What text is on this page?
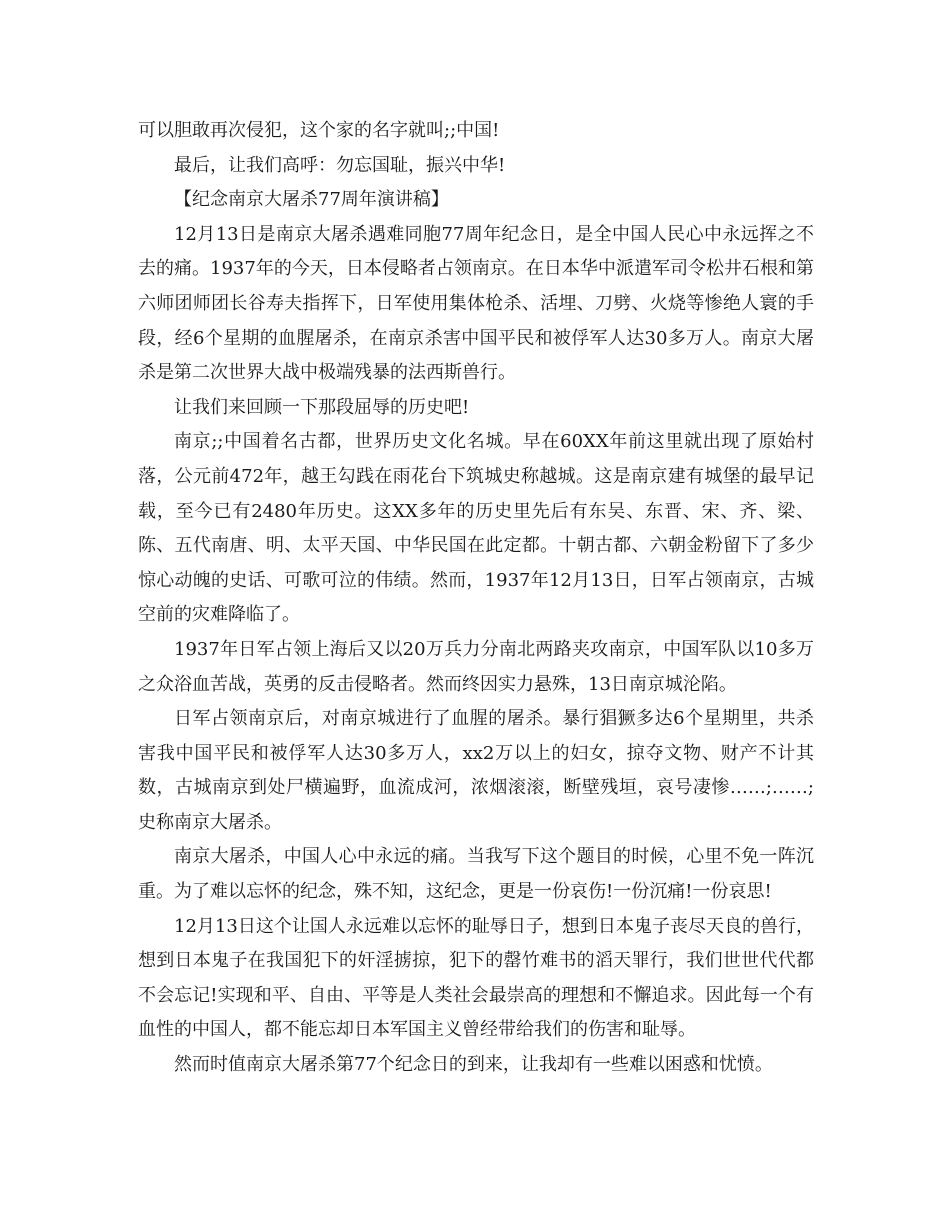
可以胆敢再次侵犯，这个家的名字就叫;;中国!

最后，让我们高呼：勿忘国耻，振兴中华!

【纪念南京大屠杀77周年演讲稿】

12月13日是南京大屠杀遇难同胞77周年纪念日，是全中国人民心中永远挥之不去的痛。1937年的今天，日本侵略者占领南京。在日本华中派遣军司令松井石根和第六师团师团长谷寿夫指挥下，日军使用集体枪杀、活埋、刀劈、火烧等惨绝人寰的手段，经6个星期的血腥屠杀，在南京杀害中国平民和被俘军人达30多万人。南京大屠杀是第二次世界大战中极端残暴的法西斯兽行。

让我们来回顾一下那段屈辱的历史吧!

南京;;中国着名古都，世界历史文化名城。早在60XX年前这里就出现了原始村落，公元前472年，越王勾践在雨花台下筑城史称越城。这是南京建有城堡的最早记载，至今已有2480年历史。这XX多年的历史里先后有东吴、东晋、宋、齐、梁、陈、五代南唐、明、太平天国、中华民国在此定都。十朝古都、六朝金粉留下了多少惊心动魄的史话、可歌可泣的伟绩。然而，1937年12月13日，日军占领南京，古城空前的灾难降临了。

1937年日军占领上海后又以20万兵力分南北两路夹攻南京，中国军队以10多万之众浴血苦战，英勇的反击侵略者。然而终因实力悬殊，13日南京城沦陷。

日军占领南京后，对南京城进行了血腥的屠杀。暴行猖獗多达6个星期里，共杀害我中国平民和被俘军人达30多万人，xx2万以上的妇女，掠夺文物、财产不计其数，古城南京到处尸横遍野，血流成河，浓烟滚滚，断壁残垣，哀号凄惨……;……;史称南京大屠杀。

南京大屠杀，中国人心中永远的痛。当我写下这个题目的时候，心里不免一阵沉重。为了难以忘怀的纪念，殊不知，这纪念，更是一份哀伤!一份沉痛!一份哀思!

12月13日这个让国人永远难以忘怀的耻辱日子，想到日本鬼子丧尽天良的兽行，想到日本鬼子在我国犯下的奸淫掳掠，犯下的罄竹难书的滔天罪行，我们世世代代都不会忘记!实现和平、自由、平等是人类社会最崇高的理想和不懈追求。因此每一个有血性的中国人，都不能忘却日本军国主义曾经带给我们的伤害和耻辱。

然而时值南京大屠杀第77个纪念日的到来，让我却有一些难以困惑和忧愤。
